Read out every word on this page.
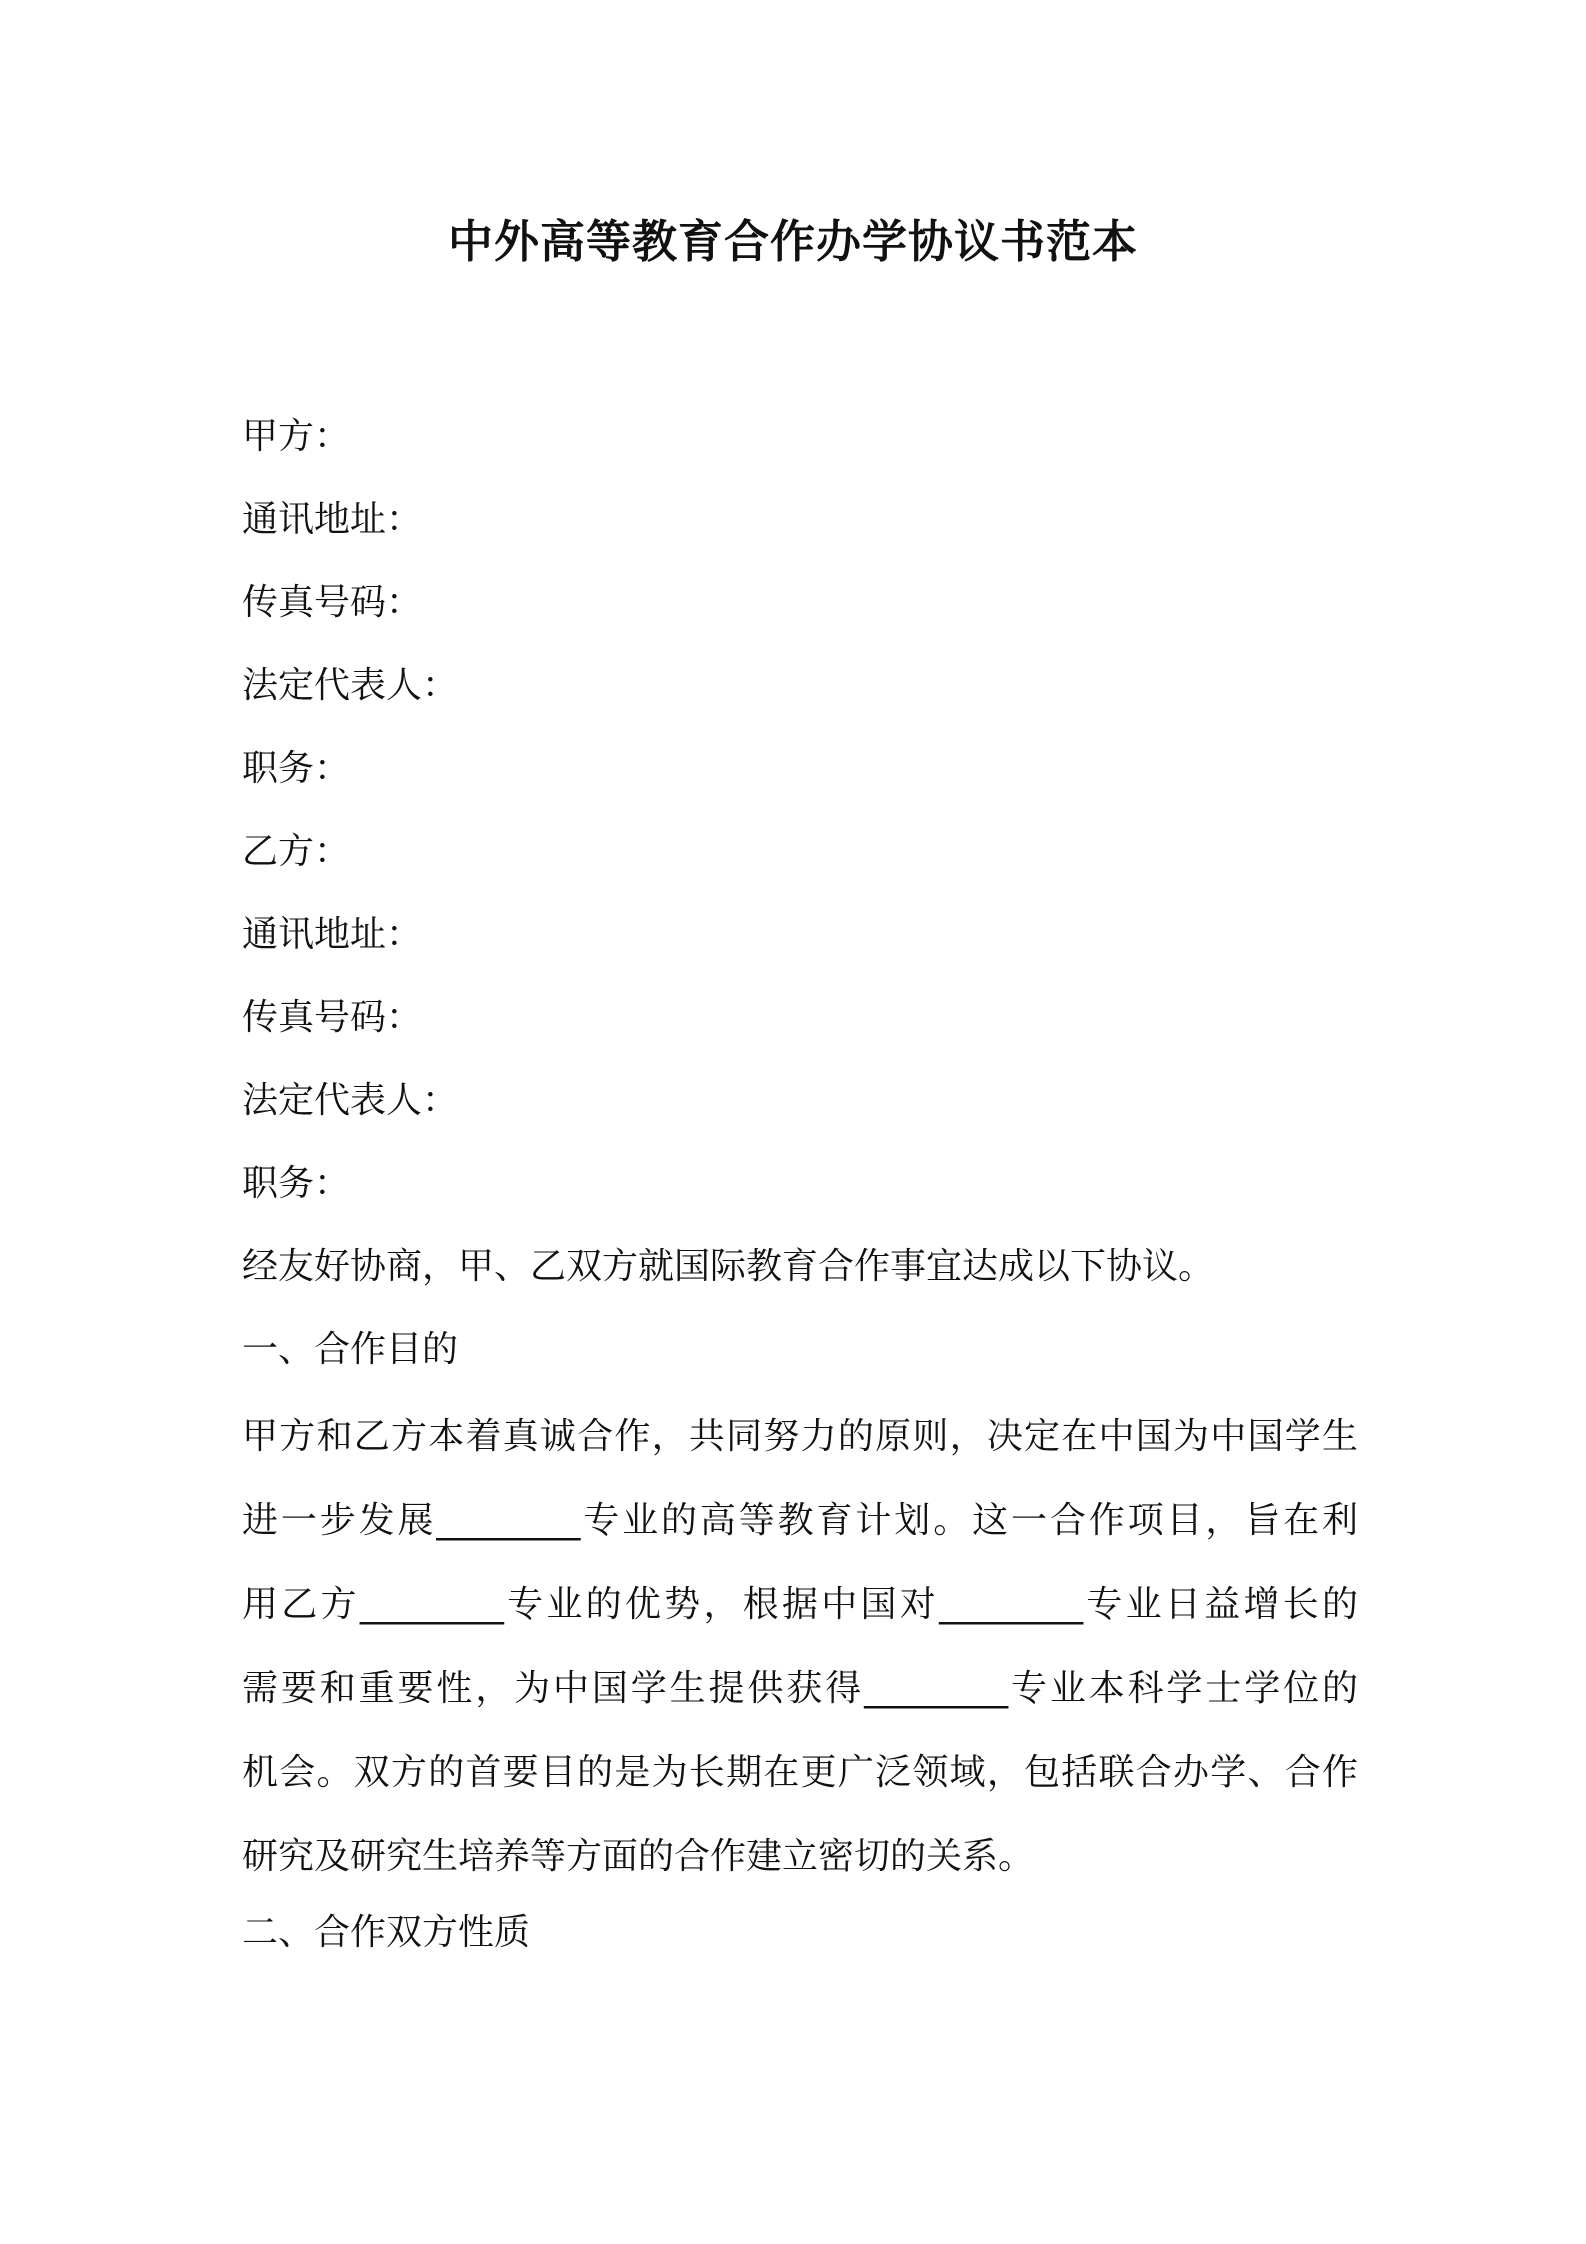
中外高等教育合作办学协议书范本

甲方：

通讯地址：

传真号码：

法定代表人：

职务：

乙方：

通讯地址：

传真号码：

法定代表人：

职务：

经友好协商，甲、乙双方就国际教育合作事宜达成以下协议。

一、合作目的
甲方和乙方本着真诚合作，共同努力的原则，决定在中国为中国学生
进一步发展________专业的高等教育计划。这一合作项目，旨在利
用乙方________专业的优势，根据中国对________专业日益增长的
需要和重要性，为中国学生提供获得________专业本科学士学位的
机会。双方的首要目的是为长期在更广泛领域，包括联合办学、合作
研究及研究生培养等方面的合作建立密切的关系。
二、合作双方性质
